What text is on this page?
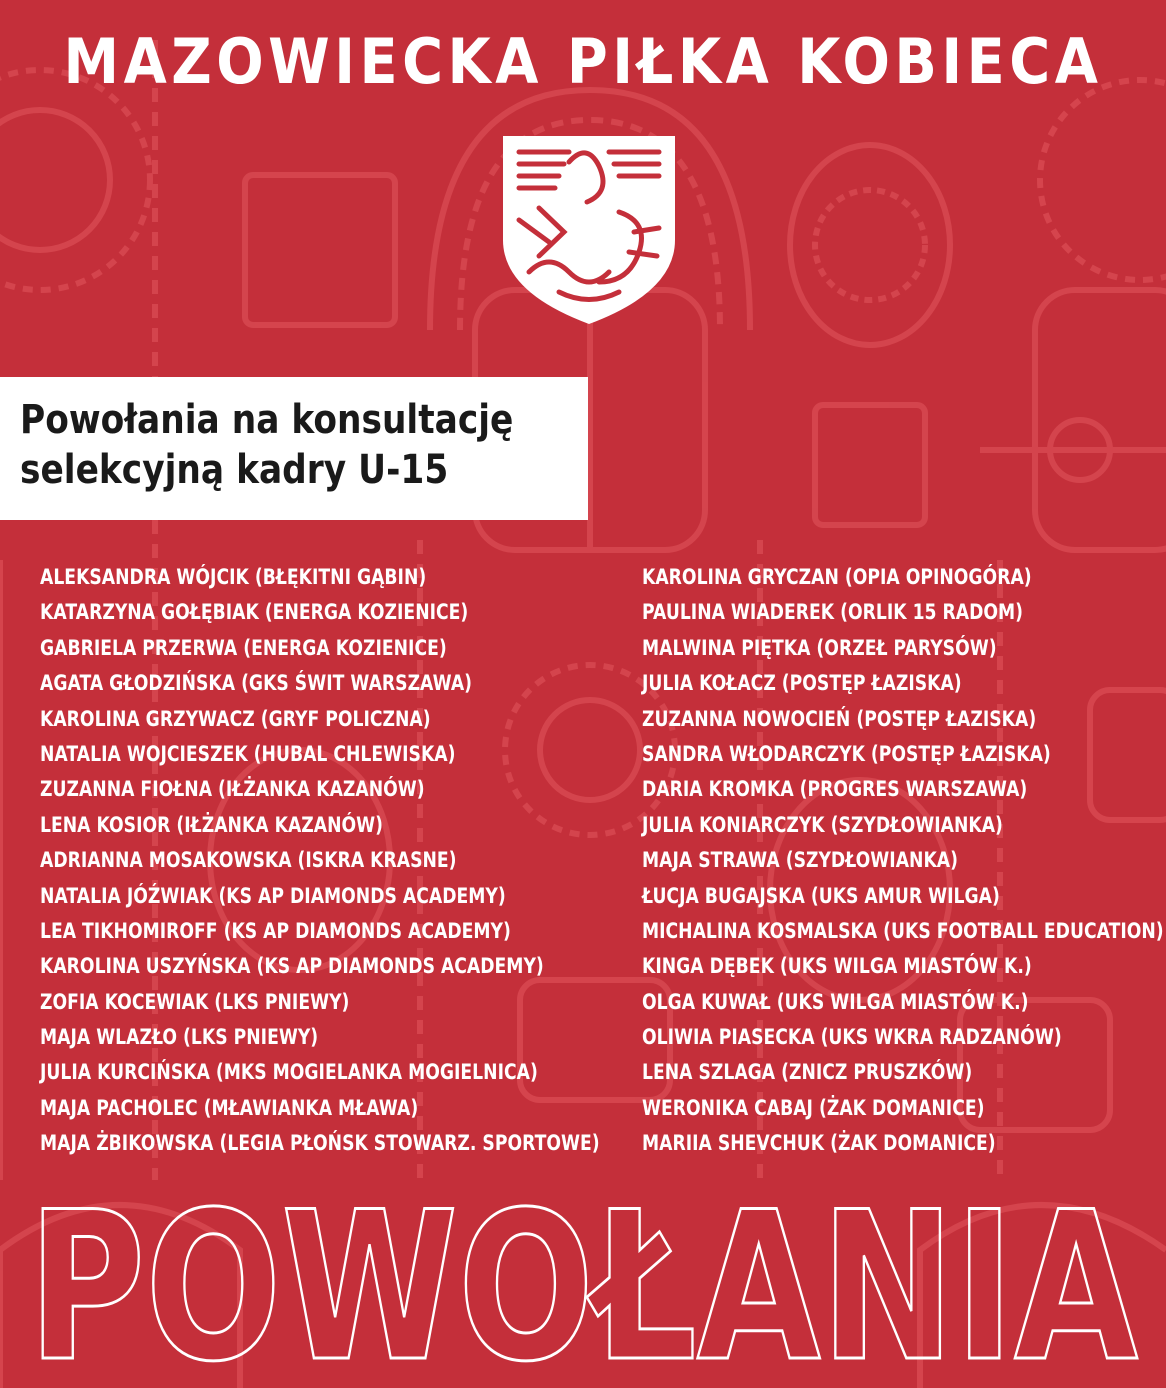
MAZOWIECKA PIŁKA KOBIECA
Powołania na konsultację
selekcyjną kadry U-15
ALEKSANDRA WÓJCIK (BŁĘKITNI GĄBIN)
KATARZYNA GOŁĘBIAK (ENERGA KOZIENICE)
GABRIELA PRZERWA (ENERGA KOZIENICE)
AGATA GŁODZIŃSKA (GKS ŚWIT WARSZAWA)
KAROLINA GRZYWACZ (GRYF POLICZNA)
NATALIA WOJCIESZEK (HUBAL CHLEWISKA)
ZUZANNA FIOŁNA (IŁŻANKA KAZANÓW)
LENA KOSIOR (IŁŻANKA KAZANÓW)
ADRIANNA MOSAKOWSKA (ISKRA KRASNE)
NATALIA JÓŹWIAK (KS AP DIAMONDS ACADEMY)
LEA TIKHOMIROFF (KS AP DIAMONDS ACADEMY)
KAROLINA USZYŃSKA (KS AP DIAMONDS ACADEMY)
ZOFIA KOCEWIAK (LKS PNIEWY)
MAJA WLAZŁO (LKS PNIEWY)
JULIA KURCIŃSKA (MKS MOGIELANKA MOGIELNICA)
MAJA PACHOLEC (MŁAWIANKA MŁAWA)
MAJA ŻBIKOWSKA (LEGIA PŁOŃSK STOWARZ. SPORTOWE)
KAROLINA GRYCZAN (OPIA OPINOGÓRA)
PAULINA WIADEREK (ORLIK 15 RADOM)
MALWINA PIĘTKA (ORZEŁ PARYSÓW)
JULIA KOŁACZ (POSTĘP ŁAZISKA)
ZUZANNA NOWOCIEŃ (POSTĘP ŁAZISKA)
SANDRA WŁODARCZYK (POSTĘP ŁAZISKA)
DARIA KROMKA (PROGRES WARSZAWA)
JULIA KONIARCZYK (SZYDŁOWIANKA)
MAJA STRAWA (SZYDŁOWIANKA)
ŁUCJA BUGAJSKA (UKS AMUR WILGA)
MICHALINA KOSMALSKA (UKS FOOTBALL EDUCATION)
KINGA DĘBEK (UKS WILGA MIASTÓW K.)
OLGA KUWAŁ (UKS WILGA MIASTÓW K.)
OLIWIA PIASECKA (UKS WKRA RADZANÓW)
LENA SZLAGA (ZNICZ PRUSZKÓW)
WERONIKA CABAJ (ŻAK DOMANICE)
MARIIA SHEVCHUK (ŻAK DOMANICE)
POWOŁANIA
